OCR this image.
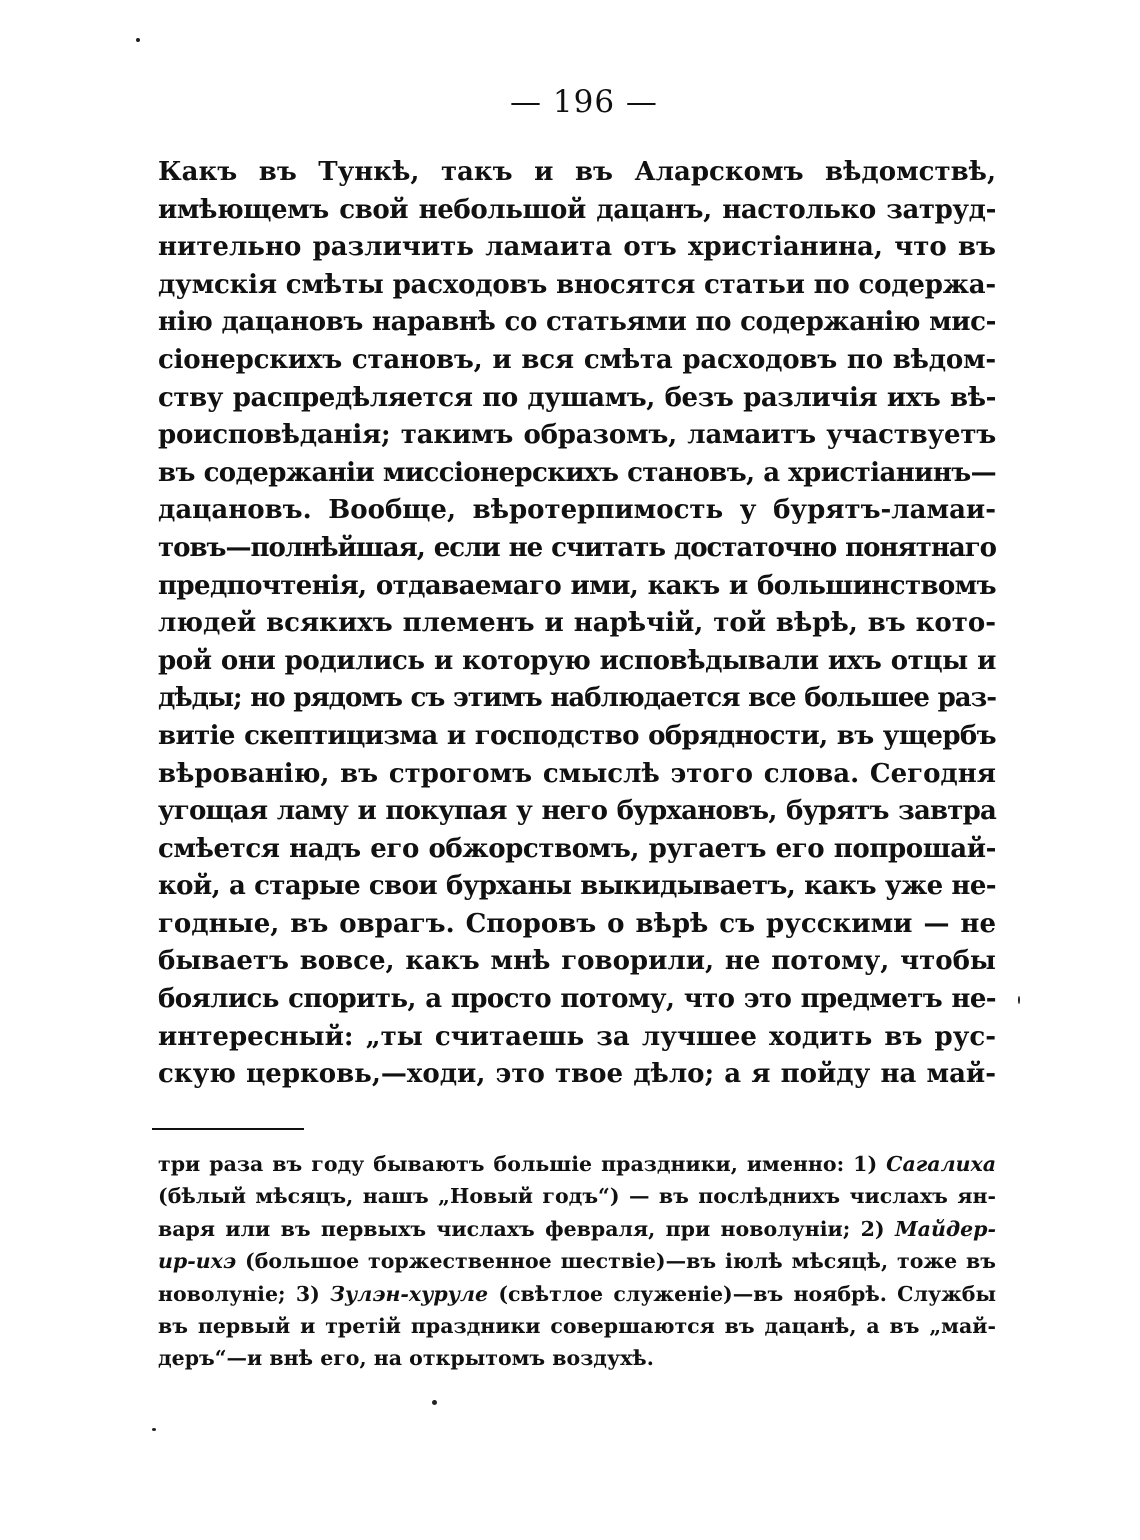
— 196 —
Какъ въ Тункѣ, такъ и въ Аларскомъ вѣдомствѣ,
имѣющемъ свой небольшой дацанъ, настолько затруд-
нительно различить ламаита отъ христіанина, что въ
думскія смѣты расходовъ вносятся статьи по содержа-
нію дацановъ наравнѣ со статьями по содержанію мис-
сіонерскихъ становъ, и вся смѣта расходовъ по вѣдом-
ству распредѣляется по душамъ, безъ различія ихъ вѣ-
роисповѣданія; такимъ образомъ, ламаитъ участвуетъ
въ содержаніи миссіонерскихъ становъ, а христіанинъ—
дацановъ. Вообще, вѣротерпимость у бурятъ-ламаи-
товъ—полнѣйшая, если не считать достаточно понятнаго
предпочтенія, отдаваемаго ими, какъ и большинствомъ
людей всякихъ племенъ и нарѣчій, той вѣрѣ, въ кото-
рой они родились и которую исповѣдывали ихъ отцы и
дѣды; но рядомъ съ этимъ наблюдается все большее раз-
витіе скептицизма и господство обрядности, въ ущербъ
вѣрованію, въ строгомъ смыслѣ этого слова. Сегодня
угощая ламу и покупая у него бурхановъ, бурятъ завтра
смѣется надъ его обжорствомъ, ругаетъ его попрошай-
кой, а старые свои бурханы выкидываетъ, какъ уже не-
годные, въ оврагъ. Споровъ о вѣрѣ съ русскими — не
бываетъ вовсе, какъ мнѣ говорили, не потому, чтобы
боялись спорить, а просто потому, что это предметъ не-
интересный: „ты считаешь за лучшее ходить въ рус-
скую церковь,—ходи, это твое дѣло; а я пойду на май-
три раза въ году бываютъ большіе праздники, именно: 1) Сагалиха
(бѣлый мѣсяцъ, нашъ „Новый годъ“) — въ послѣднихъ числахъ ян-
варя или въ первыхъ числахъ февраля, при новолуніи; 2) Майдер-
ир-ихэ (большое торжественное шествіе)—въ іюлѣ мѣсяцѣ, тоже въ
новолуніе; 3) Зулэн-хуруле (свѣтлое служеніе)—въ ноябрѣ. Службы
въ первый и третій праздники совершаются въ дацанѣ, а въ „май-
деръ“—и внѣ его, на открытомъ воздухѣ.
